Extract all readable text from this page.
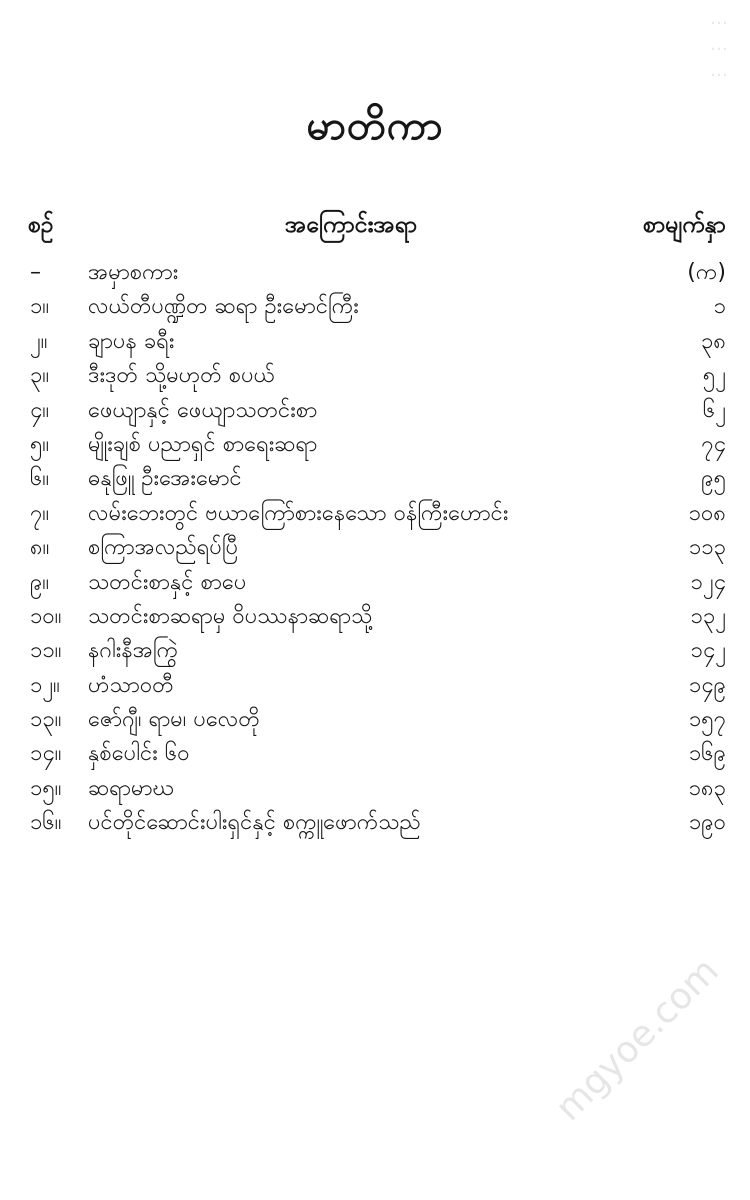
…
…
…
မာတိကာ
စဉ်	အကြောင်းအရာ	စာမျက်နှာ
– အမှာစကား	(က)
၁။ လယ်တီပဏ္ဍိတ ဆရာ ဦးမောင်ကြီး	၁
၂။ ချာပန ခရီး	၃၈
၃။ ဒီးဒုတ် သို့မဟုတ် စပယ်	၅၂
၄။ ဖေယျာနှင့် ဖေယျာသတင်းစာ	၆၂
၅။ မျိုးချစ် ပညာရှင် စာရေးဆရာ	၇၄
၆။ ဓနုဖြူ ဦးအေးမောင်	၉၅
၇။ လမ်းဘေးတွင် ဗယာကြော်စားနေသော ဝန်ကြီးဟောင်း	၁၀၈
၈။ စကြာအလည်ရပ်ပြီ	၁၁၃
၉။ သတင်းစာနှင့် စာပေ	၁၂၄
၁၀။ သတင်းစာဆရာမှ ဝိပဿနာဆရာသို့	၁၃၂
၁၁။ နဂါးနီအကြွဲ	၁၄၂
၁၂။ ဟံသာဝတီ	၁၄၉
၁၃။ ဇော်ဂျီ၊ ရာမ၊ ပလေတို	၁၅၇
၁၄။ နှစ်ပေါင်း ၆၀	၁၆၉
၁၅။ ဆရာမာဃ	၁၈၃
၁၆။ ပင်တိုင်ဆောင်းပါးရှင်နှင့် စက္ကူဖောက်သည်	၁၉၀
mgyoe.com
